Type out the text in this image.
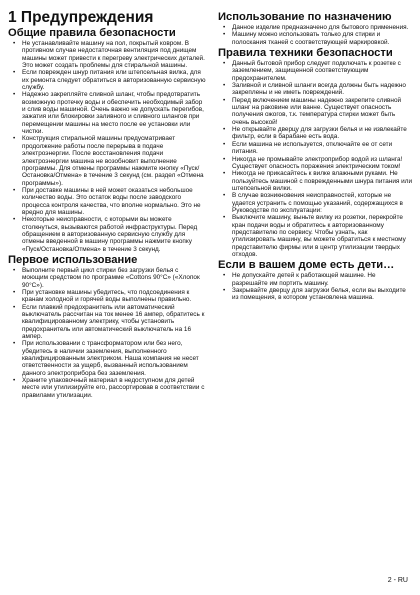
1 Предупреждения
Общие правила безопасности
• Не устанавливайте машину на пол, покрытый ковром. В противном случае недостаточная вентиляция под днищем машины может привести к перегреву электрических деталей. Это может создать проблемы для стиральной машины.
• Если поврежден шнур питания или штепсельная вилка, для их ремонта следует обратиться в авторизованную сервисную службу.
• Надежно закрепляйте сливной шланг, чтобы предотвратить возможную протечку воды и обеспечить необходимый забор и слив воды машиной. Очень важно не допускать перегибов, зажатия или блокировки заливного и сливного шлангов при перемещении машины на место после ее установки или чистки.
• Конструкция стиральной машины предусматривает продолжение работы после перерыва в подаче электроэнергии. После восстановления подачи электроэнергии машина не возобновит выполнение программы. Для отмены программы нажмите кнопку «Пуск/Остановка/Отмена» в течение 3 секунд (см. раздел «Отмена программы»).
• При доставке машины в ней может оказаться небольшое количество воды. Это остаток воды после заводского процесса контроля качества, что вполне нормально. Это не вредно для машины.
• Некоторые неисправности, с которыми вы можете столкнуться, вызываются работой инфраструктуры. Перед обращением в авторизованную сервисную службу для отмены введенной в машину программы нажмите кнопку «Пуск/Остановка/Отмена» в течение 3 секунд.
Первое использование
• Выполните первый цикл стирки без загрузки белья с моющим средством по программе «Cottons 90°C» («Хлопок 90°C»).
• При установке машины убедитесь, что подсоединения к кранам холодной и горячей воды выполнены правильно.
• Если плавкий предохранитель или автоматический выключатель рассчитан на ток менее 16 ампер, обратитесь к квалифицированному электрику, чтобы установить предохранитель или автоматический выключатель на 16 ампер.
• При использовании с трансформатором или без него, убедитесь в наличии заземления, выполненного квалифицированным электриком. Наша компания не несет ответственности за ущерб, вызванный использованием данного электроприбора без заземления.
• Храните упаковочный материал в недоступном для детей месте или утилизируйте его, рассортировав в соответствии с правилами утилизации.
Использование по назначению
• Данное изделие предназначено для бытового применения.
• Машину можно использовать только для стирки и полоскания тканей с соответствующей маркировкой.
Правила техники безопасности
• Данный бытовой прибор следует подключать к розетке с заземлением, защищенной соответствующим предохранителем.
• Заливной и сливной шланги всегда должны быть надежно закреплены и не иметь повреждений.
• Перед включением машины надежно закрепите сливной шланг на раковине или ванне. Существует опасность получения ожогов, т.к. температура стирки может быть очень высокой!
• Не открывайте дверцу для загрузки белья и не извлекайте фильтр, если в барабане есть вода.
• Если машина не используется, отключайте ее от сети питания.
• Никогда не промывайте электроприбор водой из шланга! Существует опасность поражения электрическим током!
• Никогда не прикасайтесь к вилке влажными руками. Не пользуйтесь машиной с поврежденными шнура питания или штепсельной вилки.
• В случае возникновения неисправностей, которые не удается устранить с помощью указаний, содержащихся в Руководстве по эксплуатации:
• Выключите машину, выньте вилку из розетки, перекройте кран подачи воды и обратитесь к авторизованному представителю по сервису. Чтобы узнать, как утилизировать машину, вы можете обратиться к местному представителю фирмы или в центр утилизации твердых отходов.
Если в вашем доме есть дети…
• Не допускайте детей к работающей машине. Не разрешайте им портить машину.
• Закрывайте дверцу для загрузки белья, если вы выходите из помещения, в котором установлена машина.
2 - RU
